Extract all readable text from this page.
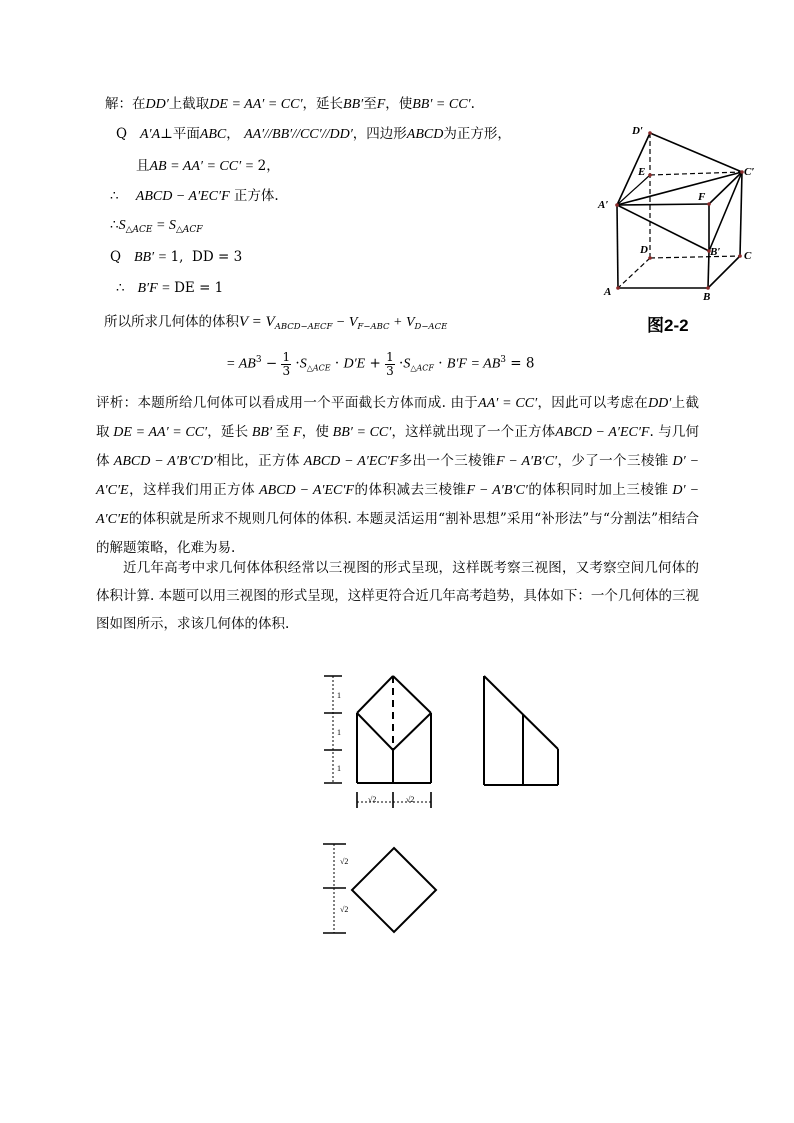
解：在DD′上截取DE = AA′ = CC′，延长BB′至F，使BB′ = CC′.
Q   A′A⊥平面ABC， AA′//BB′//CC′//DD′，四边形ABCD为正方形，
且AB = AA′ = CC′ = 2，
∴    ABCD − A′EC′F 正方体.
$\therefore S_{\triangle ACE} = S_{\triangle ACF}$
Q   BB′ = 1,  DD = 3
∴   B′F = DE = 1
所以所求几何体的体积$V = V_{ABCD-AECF} - V_{F-ABC} + V_{D-ACE}$
= $AB^3 - \frac{1}{3} \cdot S_{\triangle ACE} \cdot D'E + \frac{1}{3} \cdot S_{\triangle ACF} \cdot B'F = AB^3 = 8$
D′
E	C′
F
A′
D	B′ C
A	B
图2-2
评析：本题所给几何体可以看成用一个平面截长方体而成. 由于AA′ = CC′，因此可以考虑在DD′上截取 DE = AA′ = CC′，延长 BB′ 至 F，使 BB′ = CC′，这样就出现了一个正方体ABCD − A′EC′F. 与几何体 ABCD − A′B′C′D′相比，正方体 ABCD − A′EC′F多出一个三棱锥F − A′B′C′，少了一个三棱锥 D′ − A′C′E，这样我们用正方体 ABCD − A′EC′F的体积减去三棱锥F − A′B′C′的体积同时加上三棱锥 D′ − A′C′E的体积就是所求不规则几何体的体积. 本题灵活运用“割补思想”采用“补形法”与“分割法”相结合的解题策略，化难为易.
近几年高考中求几何体体积经常以三视图的形式呈现，这样既考察三视图，又考察空间几何体的体积计算. 本题可以用三视图的形式呈现，这样更符合近几年高考趋势，具体如下：一个几何体的三视图如图所示，求该几何体的体积.
1
1
1
√2	√2
√2
√2
